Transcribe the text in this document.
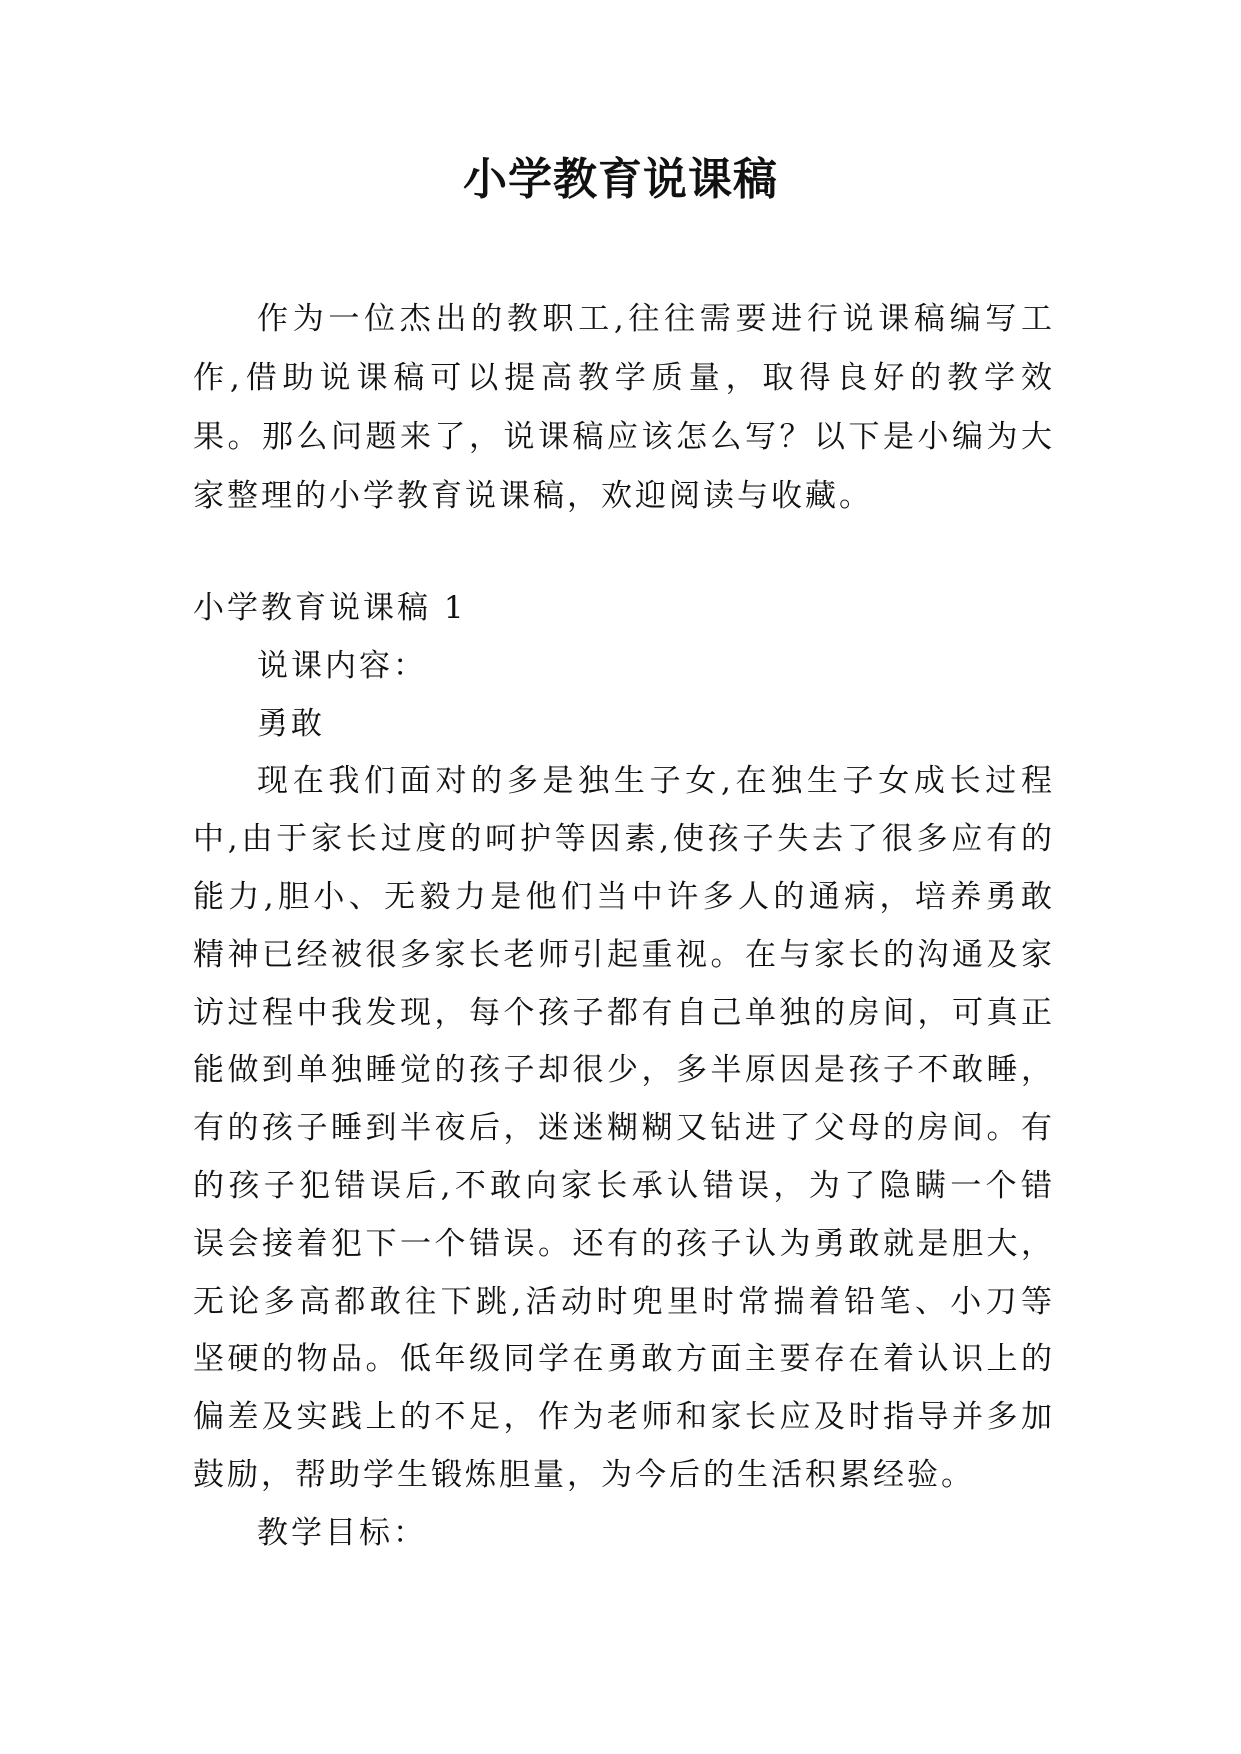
小学教育说课稿

作为一位杰出的教职工,往往需要进行说课稿编写工作,借助说课稿可以提高教学质量，取得良好的教学效果。那么问题来了，说课稿应该怎么写？以下是小编为大家整理的小学教育说课稿，欢迎阅读与收藏。

小学教育说课稿 1

说课内容：

勇敢

现在我们面对的多是独生子女,在独生子女成长过程中,由于家长过度的呵护等因素,使孩子失去了很多应有的能力,胆小、无毅力是他们当中许多人的通病，培养勇敢精神已经被很多家长老师引起重视。在与家长的沟通及家访过程中我发现，每个孩子都有自己单独的房间，可真正能做到单独睡觉的孩子却很少，多半原因是孩子不敢睡，有的孩子睡到半夜后，迷迷糊糊又钻进了父母的房间。有的孩子犯错误后,不敢向家长承认错误，为了隐瞒一个错误会接着犯下一个错误。还有的孩子认为勇敢就是胆大，无论多高都敢往下跳,活动时兜里时常揣着铅笔、小刀等坚硬的物品。低年级同学在勇敢方面主要存在着认识上的偏差及实践上的不足，作为老师和家长应及时指导并多加鼓励，帮助学生锻炼胆量，为今后的生活积累经验。

教学目标：
